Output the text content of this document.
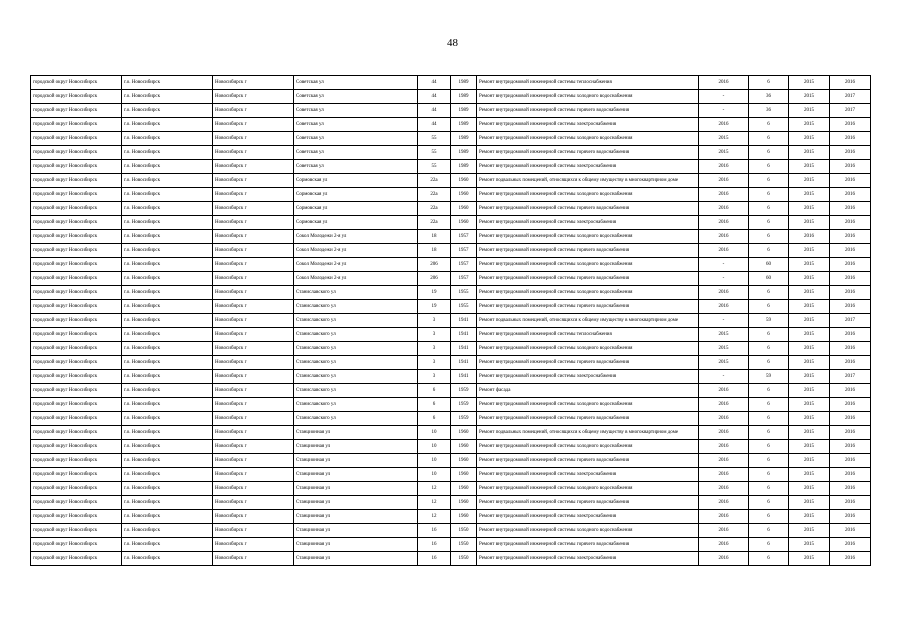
48
городской округ Новосибирск	г.о. Новосибирск	Новосибирск г	Советская ул	44	1989	Ремонт внутридомовой инженерной системы теплоснабжения	2016	6	2015	2016
городской округ Новосибирск	г.о. Новосибирск	Новосибирск г	Советская ул	44	1989	Ремонт внутридомовой инженерной системы холодного водоснабжения	-	36	2015	2017
городской округ Новосибирск	г.о. Новосибирск	Новосибирск г	Советская ул	44	1989	Ремонт внутридомовой инженерной системы горячего водоснабжения	-	36	2015	2017
городской округ Новосибирск	г.о. Новосибирск	Новосибирск г	Советская ул	44	1989	Ремонт внутридомовой инженерной системы электроснабжения	2016	6	2015	2016
городской округ Новосибирск	г.о. Новосибирск	Новосибирск г	Советская ул	55	1989	Ремонт внутридомовой инженерной системы холодного водоснабжения	2015	6	2015	2016
городской округ Новосибирск	г.о. Новосибирск	Новосибирск г	Советская ул	55	1989	Ремонт внутридомовой инженерной системы горячего водоснабжения	2015	6	2015	2016
городской округ Новосибирск	г.о. Новосибирск	Новосибирск г	Советская ул	55	1989	Ремонт внутридомовой инженерной системы электроснабжения	2016	6	2015	2016
городской округ Новосибирск	г.о. Новосибирск	Новосибирск г	Сормовская ул	22а	1960	Ремонт подвальных помещений, относящихся к общему имуществу в многоквартирном доме	2016	6	2015	2016
городской округ Новосибирск	г.о. Новосибирск	Новосибирск г	Сормовская ул	22а	1960	Ремонт внутридомовой инженерной системы холодного водоснабжения	2016	6	2015	2016
городской округ Новосибирск	г.о. Новосибирск	Новосибирск г	Сормовская ул	22а	1960	Ремонт внутридомовой инженерной системы горячего водоснабжения	2016	6	2015	2016
городской округ Новосибирск	г.о. Новосибирск	Новосибирск г	Сормовская ул	22а	1960	Ремонт внутридомовой инженерной системы электроснабжения	2016	6	2015	2016
городской округ Новосибирск	г.о. Новосибирск	Новосибирск г	Сокол Молодежи 2-я ул	18	1957	Ремонт внутридомовой инженерной системы холодного водоснабжения	2016	6	2016	2016
городской округ Новосибирск	г.о. Новосибирск	Новосибирск г	Сокол Молодежи 2-я ул	18	1957	Ремонт внутридомовой инженерной системы горячего водоснабжения	2016	6	2015	2016
городской округ Новосибирск	г.о. Новосибирск	Новосибирск г	Сокол Молодежи 2-я ул	206	1957	Ремонт внутридомовой инженерной системы холодного водоснабжения	-	60	2015	2016
городской округ Новосибирск	г.о. Новосибирск	Новосибирск г	Сокол Молодежи 2-я ул	206	1957	Ремонт внутридомовой инженерной системы горячего водоснабжения	-	60	2015	2016
городской округ Новосибирск	г.о. Новосибирск	Новосибирск г	Станиславского ул	19	1955	Ремонт внутридомовой инженерной системы холодного водоснабжения	2016	6	2015	2016
городской округ Новосибирск	г.о. Новосибирск	Новосибирск г	Станиславского ул	19	1955	Ремонт внутридомовой инженерной системы горячего водоснабжения	2016	6	2015	2016
городской округ Новосибирск	г.о. Новосибирск	Новосибирск г	Станиславского ул	3	1941	Ремонт подвальных помещений, относящихся к общему имуществу в многоквартирном доме	-	59	2015	2017
городской округ Новосибирск	г.о. Новосибирск	Новосибирск г	Станиславского ул	3	1941	Ремонт внутридомовой инженерной системы теплоснабжения	2015	6	2015	2016
городской округ Новосибирск	г.о. Новосибирск	Новосибирск г	Станиславского ул	3	1941	Ремонт внутридомовой инженерной системы холодного водоснабжения	2015	6	2015	2016
городской округ Новосибирск	г.о. Новосибирск	Новосибирск г	Станиславского ул	3	1941	Ремонт внутридомовой инженерной системы горячего водоснабжения	2015	6	2015	2016
городской округ Новосибирск	г.о. Новосибирск	Новосибирск г	Станиславского ул	3	1941	Ремонт внутридомовой инженерной системы электроснабжения	-	59	2015	2017
городской округ Новосибирск	г.о. Новосибирск	Новосибирск г	Станиславского ул	6	1959	Ремонт фасада	2016	6	2015	2016
городской округ Новосибирск	г.о. Новосибирск	Новосибирск г	Станиславского ул	6	1959	Ремонт внутридомовой инженерной системы холодного водоснабжения	2016	6	2015	2016
городской округ Новосибирск	г.о. Новосибирск	Новосибирск г	Станиславского ул	6	1959	Ремонт внутридомовой инженерной системы горячего водоснабжения	2016	6	2015	2016
городской округ Новосибирск	г.о. Новосибирск	Новосибирск г	Станционная ул	10	1960	Ремонт подвальных помещений, относящихся к общему имуществу в многоквартирном доме	2016	6	2015	2016
городской округ Новосибирск	г.о. Новосибирск	Новосибирск г	Станционная ул	10	1960	Ремонт внутридомовой инженерной системы холодного водоснабжения	2016	6	2015	2016
городской округ Новосибирск	г.о. Новосибирск	Новосибирск г	Станционная ул	10	1960	Ремонт внутридомовой инженерной системы горячего водоснабжения	2016	6	2015	2016
городской округ Новосибирск	г.о. Новосибирск	Новосибирск г	Станционная ул	10	1960	Ремонт внутридомовой инженерной системы электроснабжения	2016	6	2015	2016
городской округ Новосибирск	г.о. Новосибирск	Новосибирск г	Станционная ул	12	1960	Ремонт внутридомовой инженерной системы холодного водоснабжения	2016	6	2015	2016
городской округ Новосибирск	г.о. Новосибирск	Новосибирск г	Станционная ул	12	1960	Ремонт внутридомовой инженерной системы горячего водоснабжения	2016	6	2015	2016
городской округ Новосибирск	г.о. Новосибирск	Новосибирск г	Станционная ул	12	1960	Ремонт внутридомовой инженерной системы электроснабжения	2016	6	2015	2016
городской округ Новосибирск	г.о. Новосибирск	Новосибирск г	Станционная ул	16	1950	Ремонт внутридомовой инженерной системы холодного водоснабжения	2016	6	2015	2016
городской округ Новосибирск	г.о. Новосибирск	Новосибирск г	Станционная ул	16	1950	Ремонт внутридомовой инженерной системы горячего водоснабжения	2016	6	2015	2016
городской округ Новосибирск	г.о. Новосибирск	Новосибирск г	Станционная ул	16	1950	Ремонт внутридомовой инженерной системы электроснабжения	2016	6	2015	2016
